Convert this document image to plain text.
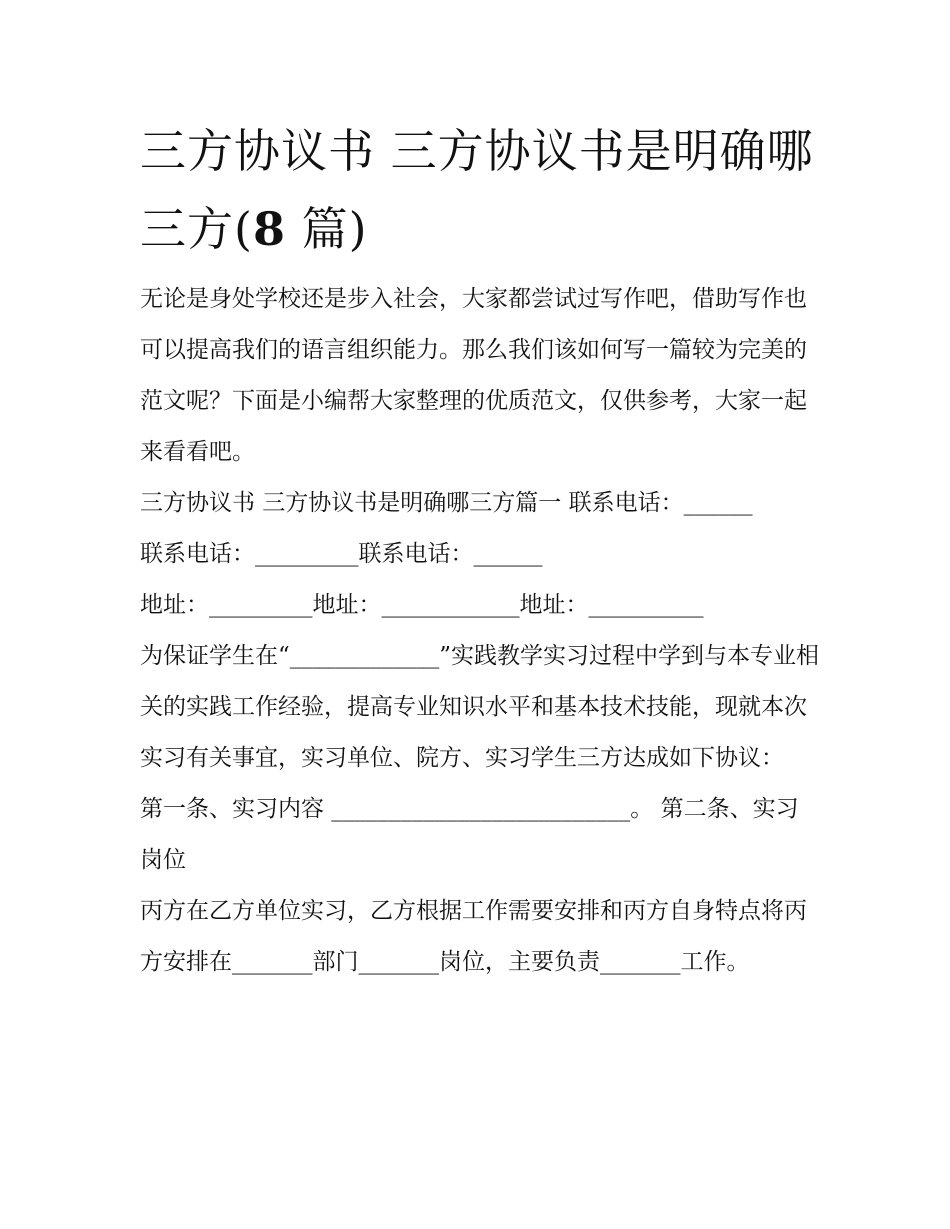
三方协议书 三方协议书是明确哪三方(8 篇)

无论是身处学校还是步入社会，大家都尝试过写作吧，借助写作也可以提高我们的语言组织能力。那么我们该如何写一篇较为完美的范文呢？下面是小编帮大家整理的优质范文，仅供参考，大家一起来看看吧。

三方协议书 三方协议书是明确哪三方篇一 联系电话：______

联系电话：_________联系电话：______

地址：_________地址：____________地址：__________

为保证学生在“_____________”实践教学实习过程中学到与本专业相关的实践工作经验，提高专业知识水平和基本技术技能，现就本次实习有关事宜，实习单位、院方、实习学生三方达成如下协议：

第一条、实习内容 __________________________。 第二条、实习岗位

丙方在乙方单位实习，乙方根据工作需要安排和丙方自身特点将丙方安排在_______部门_______岗位，主要负责_______工作。
